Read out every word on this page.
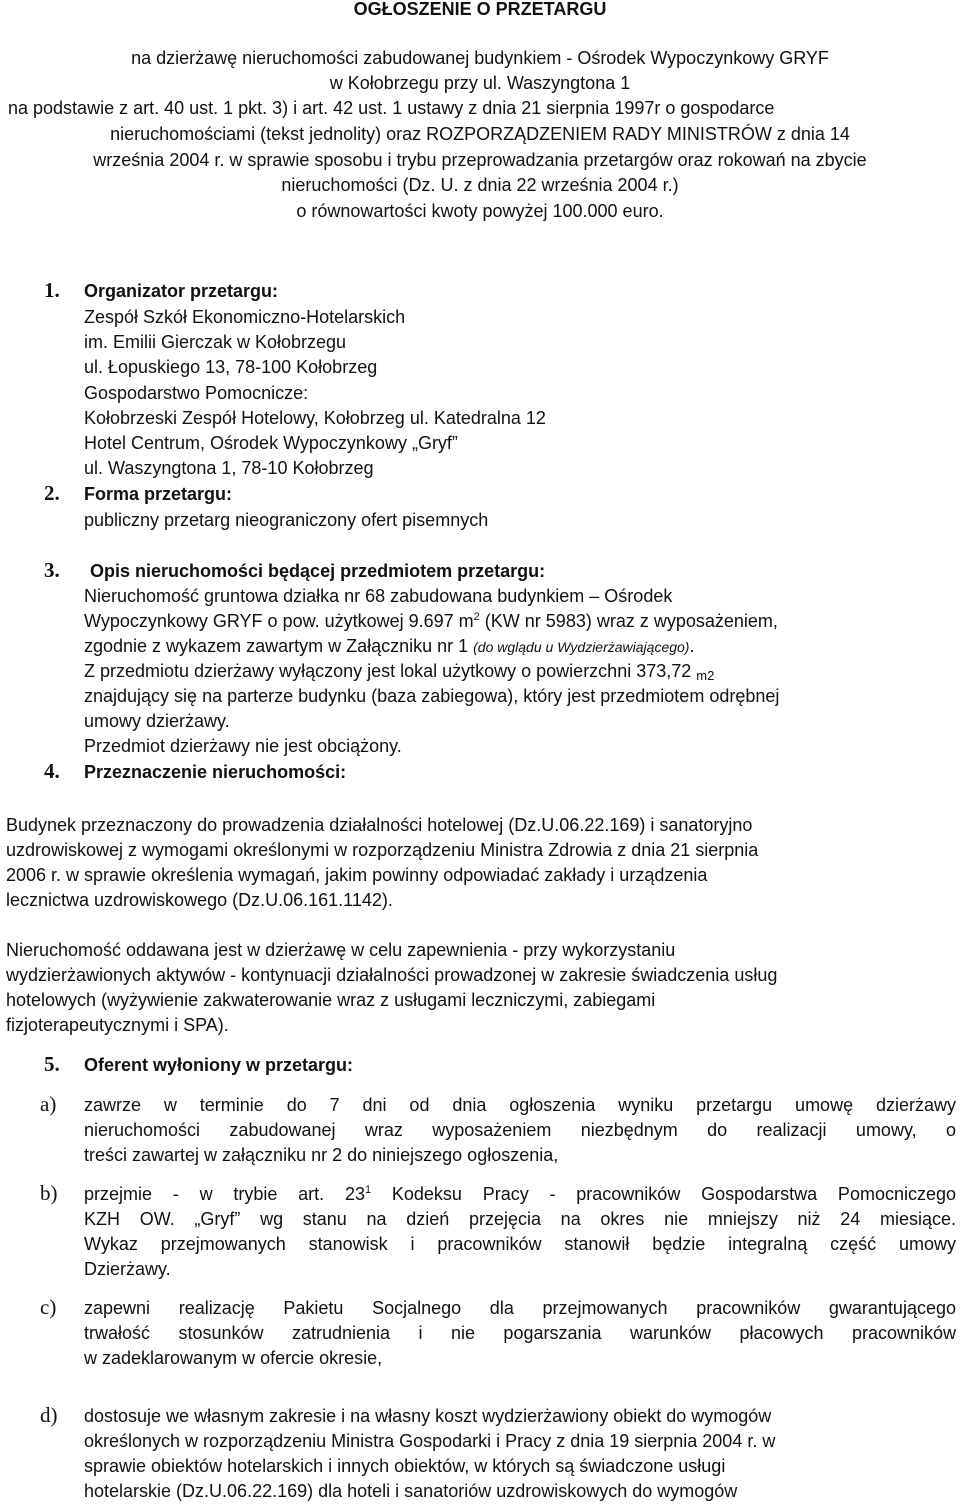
OGŁOSZENIE O PRZETARGU
na dzierżawę nieruchomości zabudowanej budynkiem - Ośrodek Wypoczynkowy GRYF
w Kołobrzegu przy ul. Waszyngtona 1
na podstawie z art. 40 ust. 1 pkt. 3) i art. 42 ust. 1 ustawy z dnia 21 sierpnia 1997r o gospodarce
nieruchomościami (tekst jednolity) oraz ROZPORZĄDZENIEM RADY MINISTRÓW z dnia 14
września 2004 r. w sprawie sposobu i trybu przeprowadzania przetargów oraz rokowań na zbycie
nieruchomości (Dz. U. z dnia 22 września 2004 r.)
o równowartości kwoty powyżej 100.000 euro.
1. Organizator przetargu:
Zespół Szkół Ekonomiczno-Hotelarskich
im. Emilii Gierczak w Kołobrzegu
ul. Łopuskiego 13, 78-100 Kołobrzeg
Gospodarstwo Pomocnicze:
Kołobrzeski Zespół Hotelowy, Kołobrzeg ul. Katedralna 12
Hotel Centrum, Ośrodek Wypoczynkowy „Gryf”
ul. Waszyngtona 1, 78-10 Kołobrzeg
2. Forma przetargu:
publiczny przetarg nieograniczony ofert pisemnych
3. Opis nieruchomości będącej przedmiotem przetargu:
Nieruchomość gruntowa działka nr 68 zabudowana budynkiem – Ośrodek
Wypoczynkowy GRYF o pow. użytkowej 9.697 $m^2$ (KW nr 5983) wraz z wyposażeniem,
zgodnie z wykazem zawartym w Załączniku nr 1 (do wglądu u Wydzierżawiającego).
Z przedmiotu dzierżawy wyłączony jest lokal użytkowy o powierzchni 373,72 m2
znajdujący się na parterze budynku (baza zabiegowa), który jest przedmiotem odrębnej
umowy dzierżawy.
Przedmiot dzierżawy nie jest obciążony.
4. Przeznaczenie nieruchomości:
Budynek przeznaczony do prowadzenia działalności hotelowej (Dz.U.06.22.169) i sanatoryjno
uzdrowiskowej z wymogami określonymi w rozporządzeniu Ministra Zdrowia z dnia 21 sierpnia
2006 r. w sprawie określenia wymagań, jakim powinny odpowiadać zakłady i urządzenia
lecznictwa uzdrowiskowego (Dz.U.06.161.1142).
Nieruchomość oddawana jest w dzierżawę w celu zapewnienia - przy wykorzystaniu
wydzierżawionych aktywów - kontynuacji działalności prowadzonej w zakresie świadczenia usług
hotelowych (wyżywienie zakwaterowanie wraz z usługami leczniczymi, zabiegami
fizjoterapeutycznymi i SPA).
5. Oferent wyłoniony w przetargu:
a) zawrze w terminie do 7 dni od dnia ogłoszenia wyniku przetargu umowę dzierżawy
nieruchomości zabudowanej wraz wyposażeniem niezbędnym do realizacji umowy, o
treści zawartej w załączniku nr 2 do niniejszego ogłoszenia,
b) przejmie - w trybie art. $23^1$ Kodeksu Pracy - pracowników Gospodarstwa Pomocniczego
KZH OW. „Gryf” wg stanu na dzień przejęcia na okres nie mniejszy niż 24 miesiące.
Wykaz przejmowanych stanowisk i pracowników stanowił będzie integralną część umowy
Dzierżawy.
c) zapewni realizację Pakietu Socjalnego dla przejmowanych pracowników gwarantującego
trwałość stosunków zatrudnienia i nie pogarszania warunków płacowych pracowników
w zadeklarowanym w ofercie okresie,
d) dostosuje we własnym zakresie i na własny koszt wydzierżawiony obiekt do wymogów
określonych w rozporządzeniu Ministra Gospodarki i Pracy z dnia 19 sierpnia 2004 r. w
sprawie obiektów hotelarskich i innych obiektów, w których są świadczone usługi
hotelarskie (Dz.U.06.22.169) dla hoteli i sanatoriów uzdrowiskowych do wymogów
